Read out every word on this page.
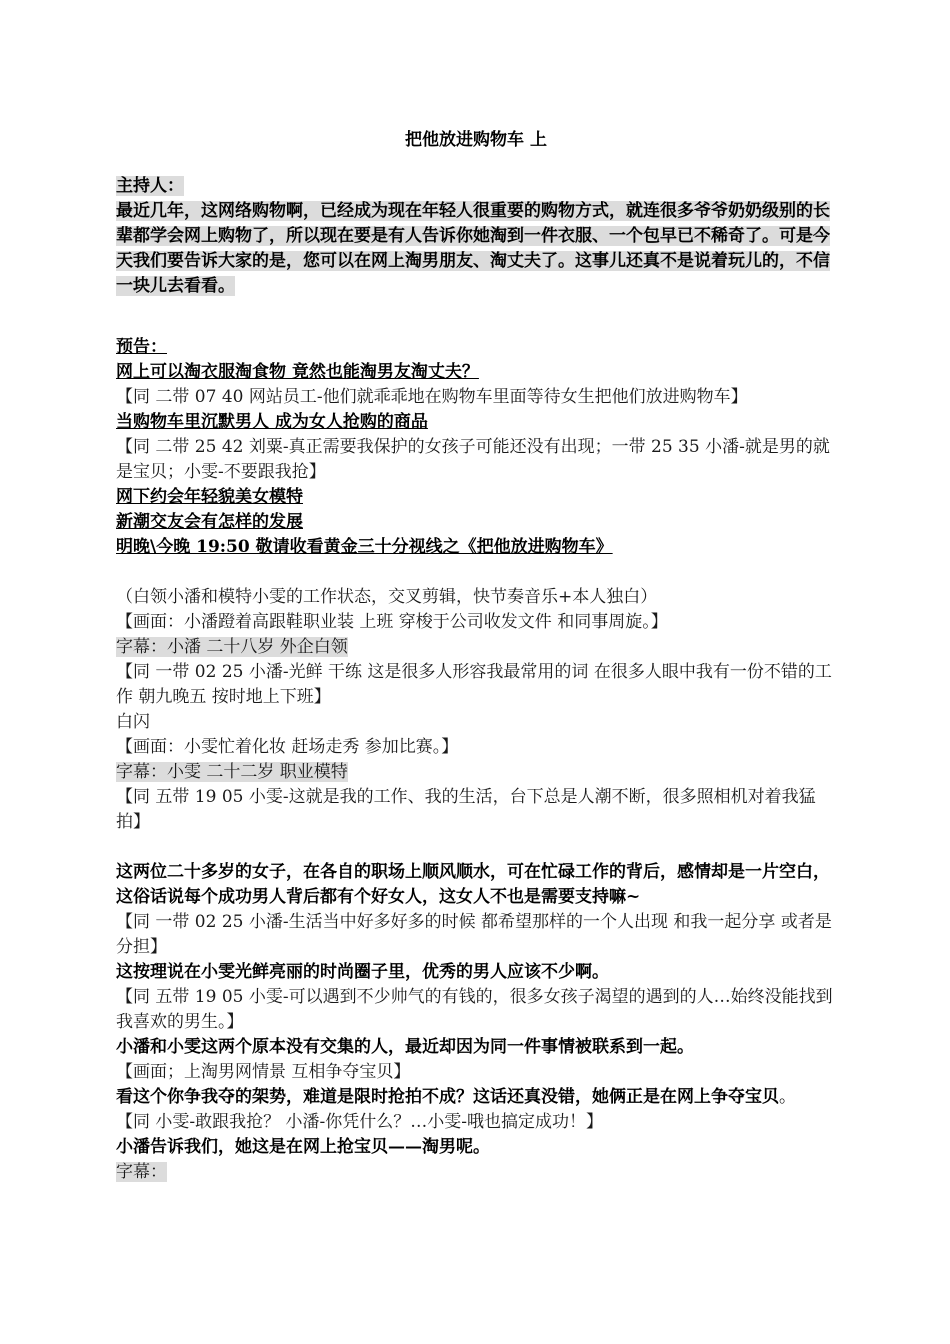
把他放进购物车 上

主持人：

最近几年，这网络购物啊，已经成为现在年轻人很重要的购物方式，就连很多爷爷奶奶级别的长辈都学会网上购物了，所以现在要是有人告诉你她淘到一件衣服、一个包早已不稀奇了。可是今天我们要告诉大家的是，您可以在网上淘男朋友、淘丈夫了。这事儿还真不是说着玩儿的，不信一块儿去看看。

预告：

网上可以淘衣服淘食物 竟然也能淘男友淘丈夫？

【同 二带 07 40 网站员工-他们就乖乖地在购物车里面等待女生把他们放进购物车】

当购物车里沉默男人 成为女人抢购的商品

【同 二带 25 42 刘粟-真正需要我保护的女孩子可能还没有出现；一带 25 35 小潘-就是男的就是宝贝；小雯-不要跟我抢】

网下约会年轻貌美女模特

新潮交友会有怎样的发展

明晚\今晚 19:50 敬请收看黄金三十分视线之《把他放进购物车》

（白领小潘和模特小雯的工作状态，交叉剪辑，快节奏音乐+本人独白）

【画面：小潘蹬着高跟鞋职业装 上班 穿梭于公司收发文件 和同事周旋。】

字幕：小潘 二十八岁 外企白领

【同 一带 02 25 小潘-光鲜 干练 这是很多人形容我最常用的词 在很多人眼中我有一份不错的工作 朝九晚五 按时地上下班】

白闪

【画面：小雯忙着化妆 赶场走秀 参加比赛。】

字幕：小雯 二十二岁 职业模特

【同 五带 19 05 小雯-这就是我的工作、我的生活，台下总是人潮不断，很多照相机对着我猛拍】

这两位二十多岁的女子，在各自的职场上顺风顺水，可在忙碌工作的背后，感情却是一片空白，这俗话说每个成功男人背后都有个好女人，这女人不也是需要支持嘛~

【同 一带 02 25 小潘-生活当中好多好多的时候 都希望那样的一个人出现 和我一起分享 或者是分担】

这按理说在小雯光鲜亮丽的时尚圈子里，优秀的男人应该不少啊。

【同 五带 19 05 小雯-可以遇到不少帅气的有钱的，很多女孩子渴望的遇到的人…始终没能找到我喜欢的男生。】

小潘和小雯这两个原本没有交集的人，最近却因为同一件事情被联系到一起。

【画面；上淘男网情景 互相争夺宝贝】

看这个你争我夺的架势，难道是限时抢拍不成？这话还真没错，她俩正是在网上争夺宝贝。

【同 小雯-敢跟我抢？ 小潘-你凭什么？…小雯-哦也搞定成功！】

小潘告诉我们，她这是在网上抢宝贝——淘男呢。

字幕：
